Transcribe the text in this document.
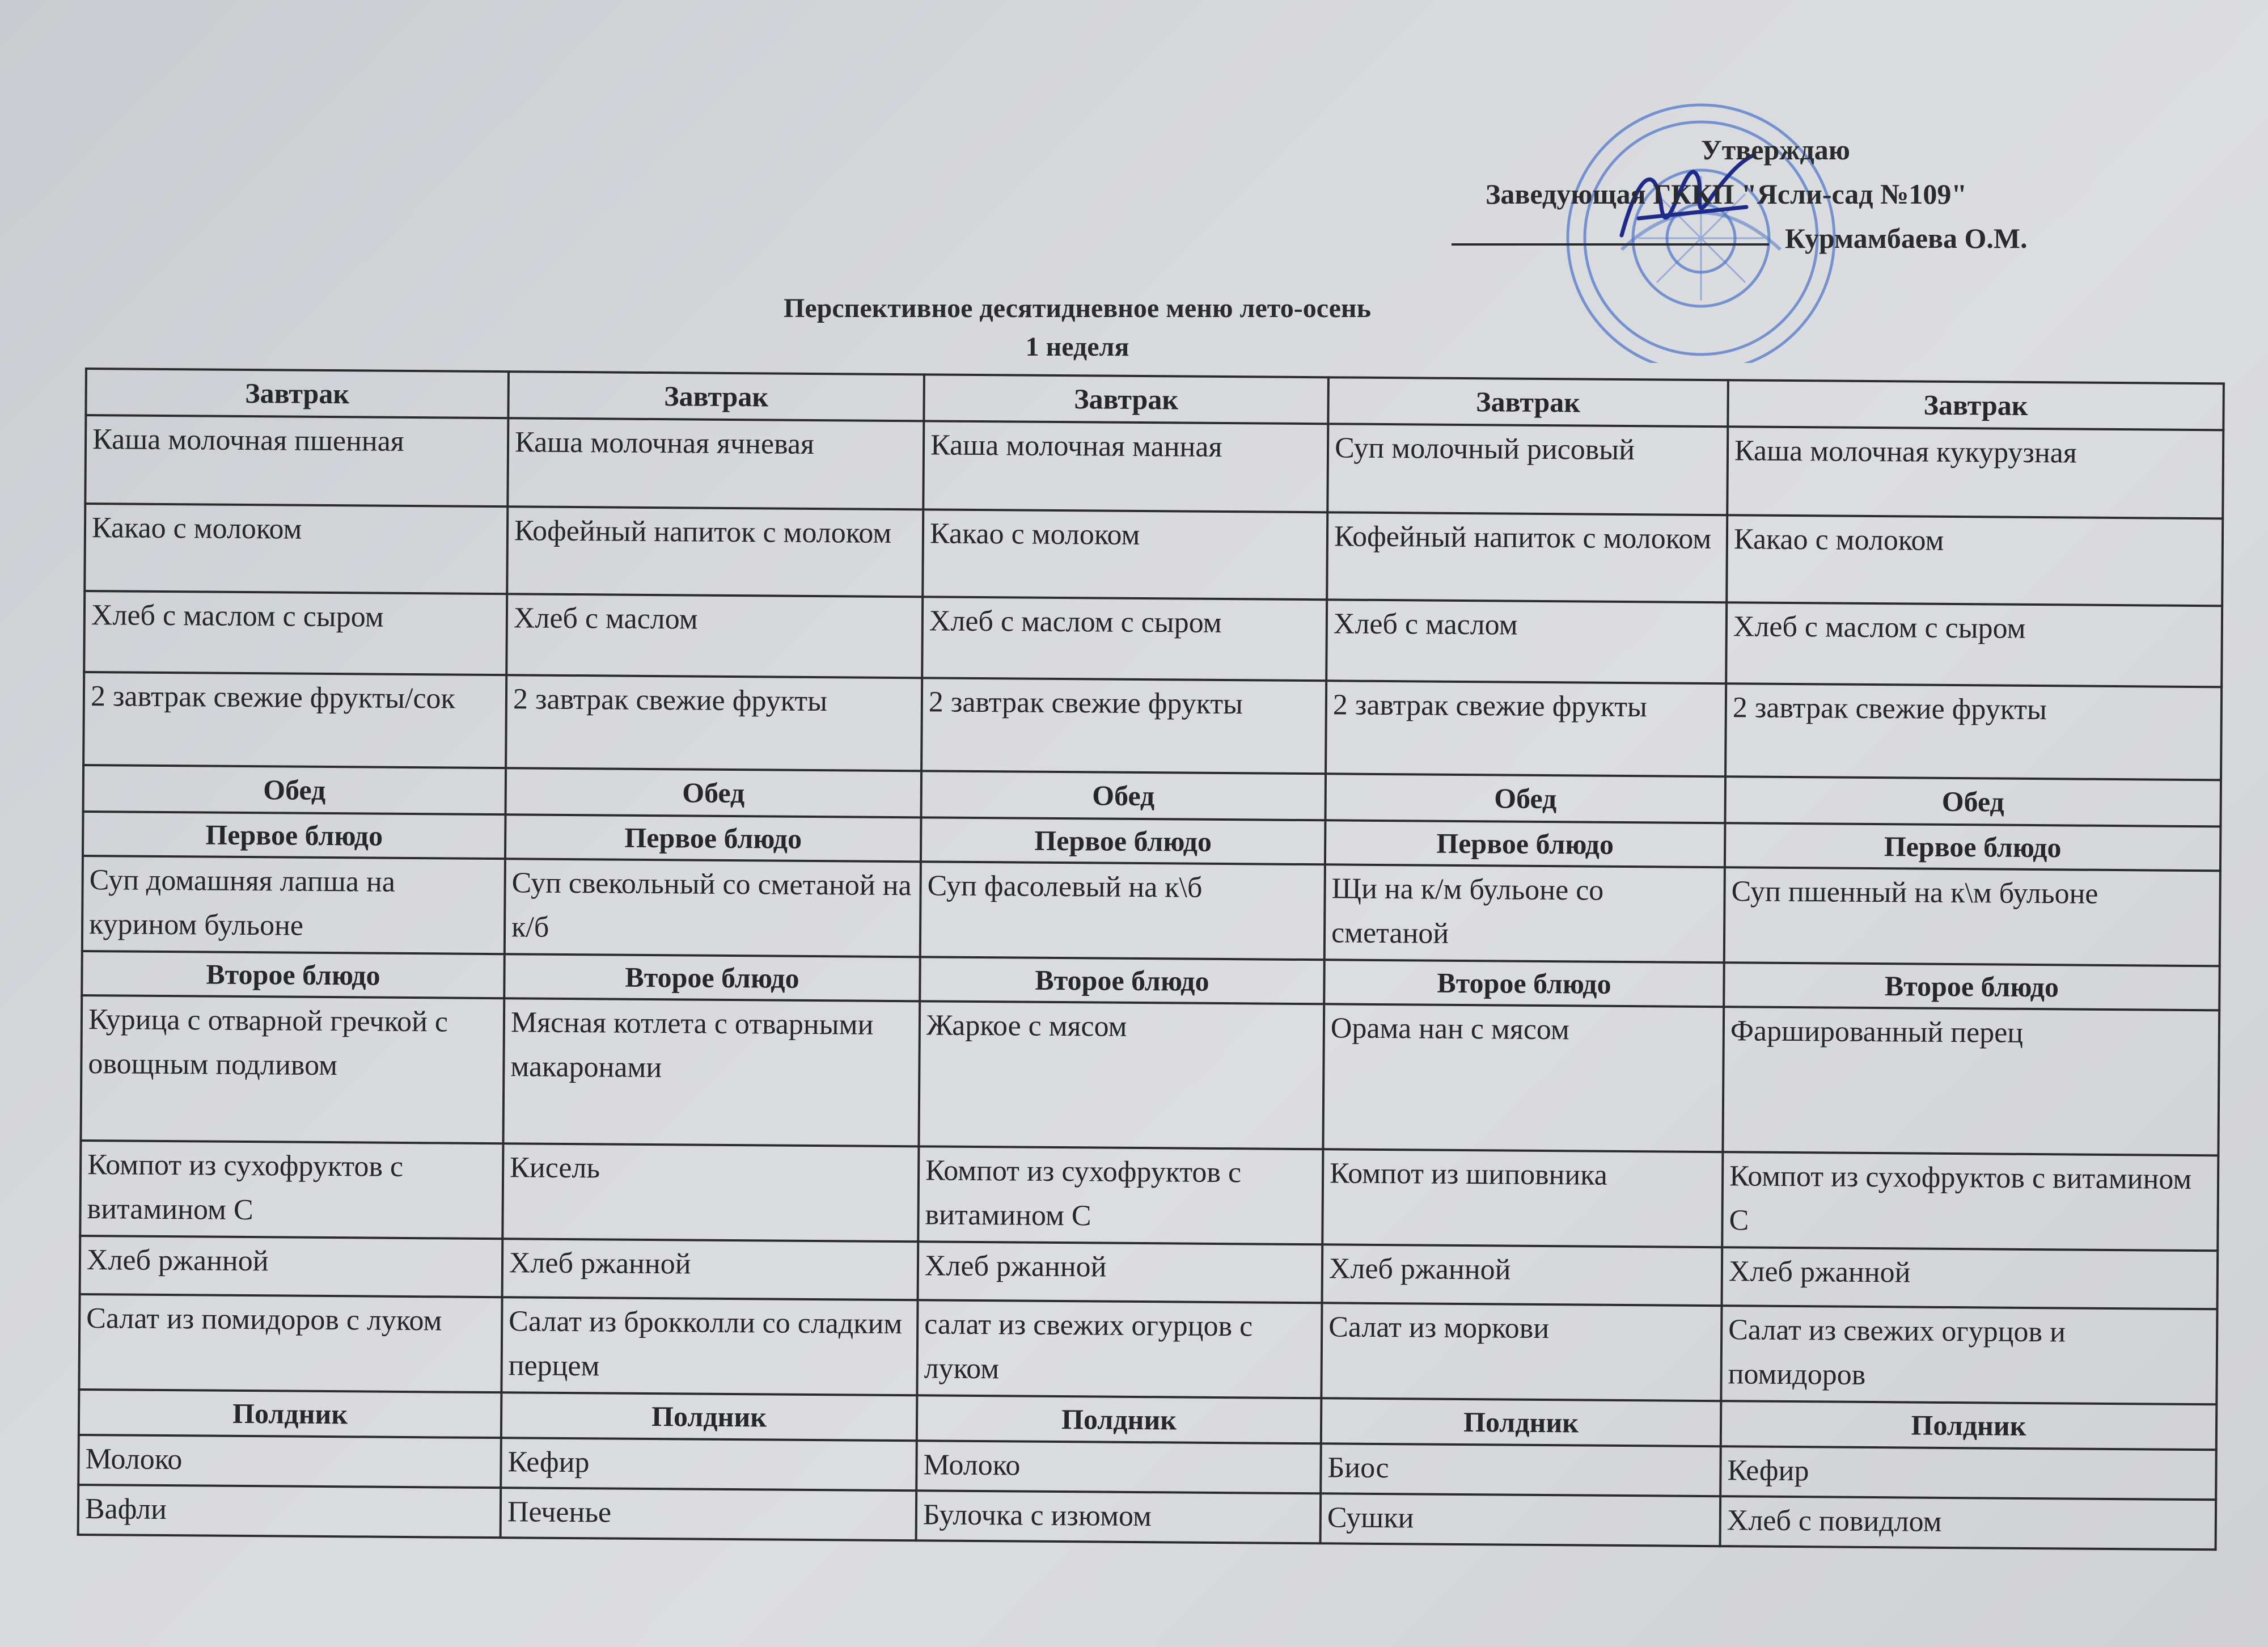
Утверждаю
Заведующая ГККП "Ясли-сад №109"
Курмамбаева О.М.
Перспективное десятидневное меню лето-осень
1 неделя
Завтрак	Завтрак	Завтрак	Завтрак	Завтрак
Каша молочная пшенная	Каша молочная ячневая	Каша молочная манная	Суп молочный рисовый	Каша молочная кукурузная
Какао с молоком	Кофейный напиток с молоком	Какао с молоком	Кофейный напиток с молоком	Какао с молоком
Хлеб с маслом с сыром	Хлеб с маслом	Хлеб с маслом с сыром	Хлеб с маслом	Хлеб с маслом с сыром
2 завтрак свежие фрукты/сок	2 завтрак свежие фрукты	2 завтрак свежие фрукты	2 завтрак свежие фрукты	2 завтрак свежие фрукты
Обед	Обед	Обед	Обед	Обед
Первое блюдо	Первое блюдо	Первое блюдо	Первое блюдо	Первое блюдо
Суп домашняя лапша на курином бульоне	Суп свекольный со сметаной на к/б	Суп фасолевый на к\б	Щи на к/м бульоне со сметаной	Суп пшенный на к\м бульоне
Второе блюдо	Второе блюдо	Второе блюдо	Второе блюдо	Второе блюдо
Курица с отварной гречкой с овощным подливом	Мясная котлета с отварными макаронами	Жаркое с мясом	Орама нан с мясом	Фаршированный перец
Компот из сухофруктов с витамином С	Кисель	Компот из сухофруктов с витамином С	Компот из шиповника	Компот из сухофруктов с витамином С
Хлеб ржанной	Хлеб ржанной	Хлеб ржанной	Хлеб ржанной	Хлеб ржанной
Салат из помидоров с луком	Салат из брокколли со сладким перцем	салат из свежих огурцов с луком	Салат из моркови	Салат из свежих огурцов и помидоров
Полдник	Полдник	Полдник	Полдник	Полдник
Молоко	Кефир	Молоко	Биос	Кефир
Вафли	Печенье	Булочка с изюмом	Сушки	Хлеб с повидлом
